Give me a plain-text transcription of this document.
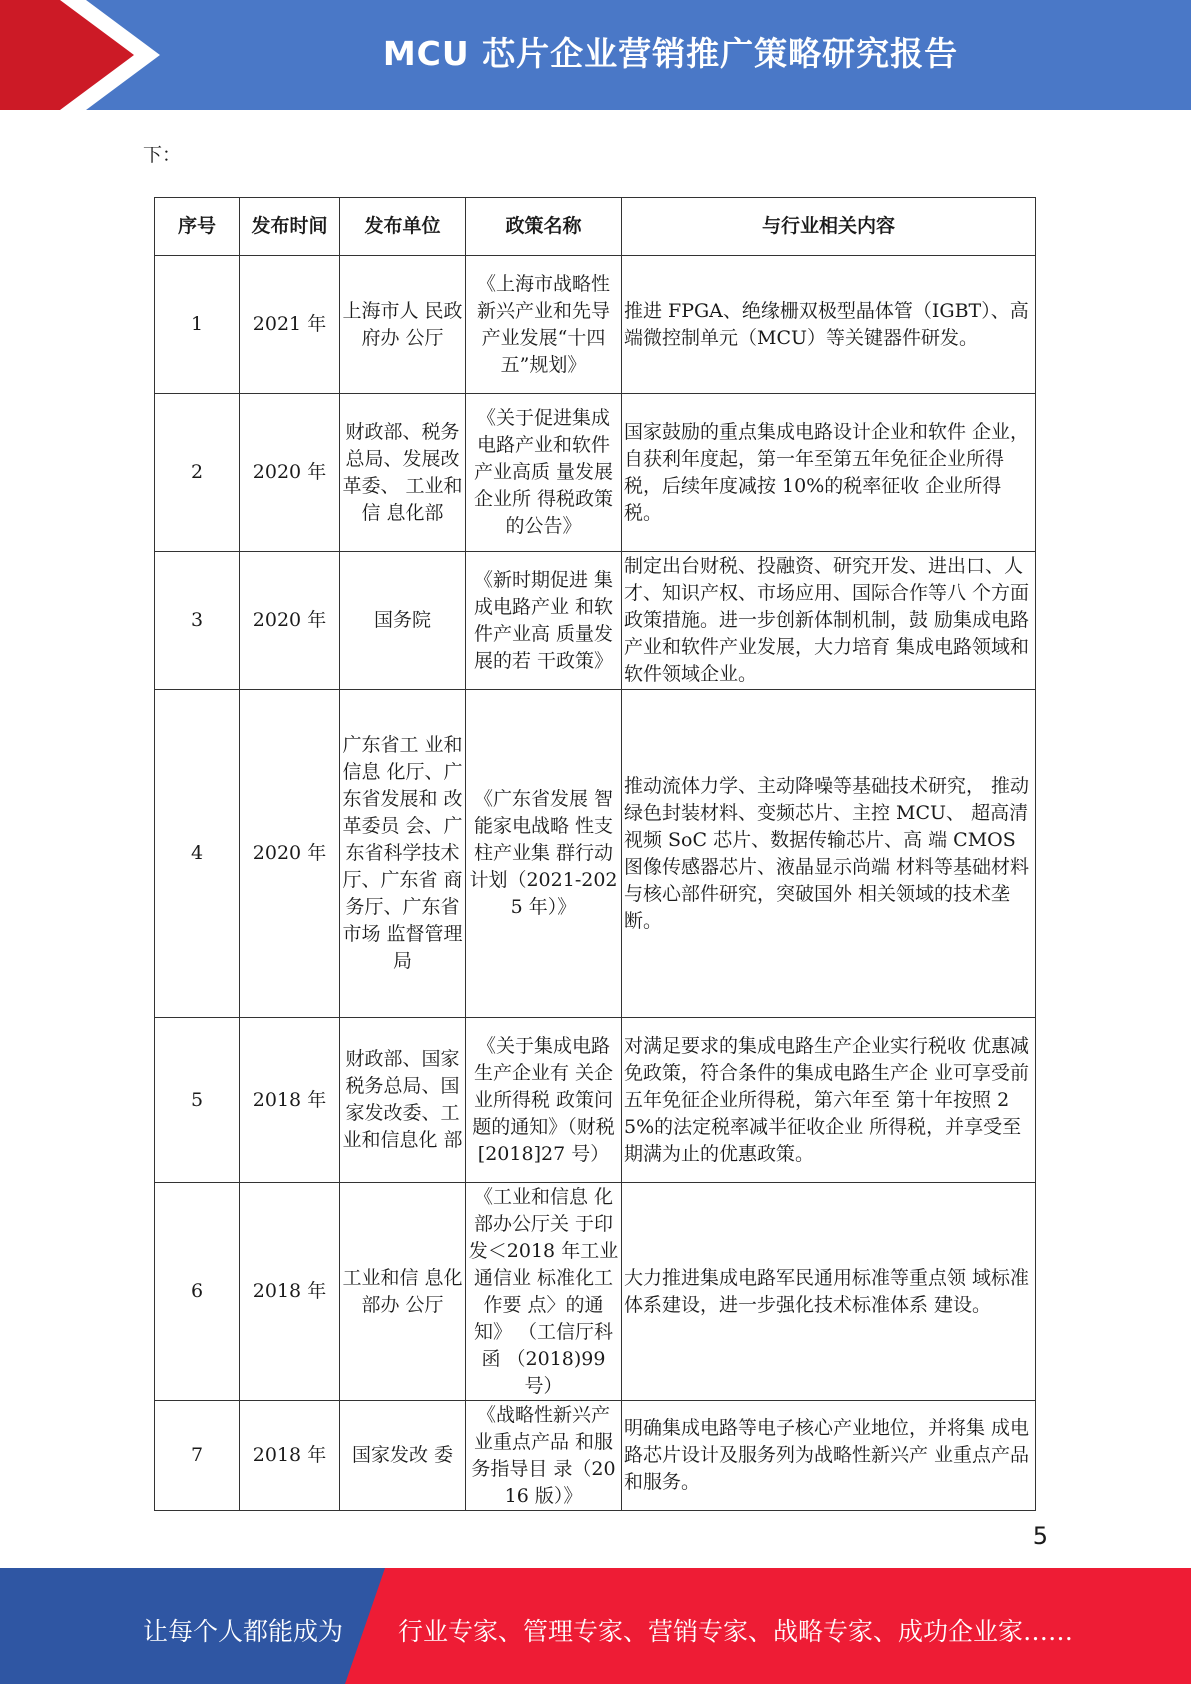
MCU 芯片企业营销推广策略研究报告
下：
序号	发布时间	发布单位	政策名称	与行业相关内容
1	2021 年	上海市人 民政府办 公厅	《上海市战略性新兴产业和先导产业发展“十四五”规划》	推进 FPGA、绝缘栅双极型晶体管（IGBT）、高端微控制单元（MCU）等关键器件研发。
2	2020 年	财政部、税务总局、发展改革委、 工业和信 息化部	《关于促进集成电路产业和软件产业高质 量发展企业所 得税政策的公告》	国家鼓励的重点集成电路设计企业和软件 企业，自获利年度起，第一年至第五年免征企业所得税，后续年度减按 10%的税率征收 企业所得税。
3	2020 年	国务院	《新时期促进 集成电路产业 和软件产业高 质量发展的若 干政策》	制定出台财税、投融资、研究开发、进出口、人才、知识产权、市场应用、国际合作等八 个方面政策措施。进一步创新体制机制，鼓 励集成电路产业和软件产业发展，大力培育 集成电路领域和软件领域企业。
4	2020 年	广东省工 业和信息 化厅、广东省发展和 改革委员 会、广东省科学技术 厅、广东省 商务厅、广东省市场 监督管理 局	《广东省发展 智能家电战略 性支柱产业集 群行动计划（2021-2025 年）》	推动流体力学、主动降噪等基础技术研究， 推动绿色封装材料、变频芯片、主控 MCU、 超高清视频 SoC 芯片、数据传输芯片、高 端 CMOS 图像传感器芯片、液晶显示尚端 材料等基础材料与核心部件研究，突破国外 相关领域的技术垄断。
5	2018 年	财政部、国家税务总局、国家发改委、工业和信息化 部	《关于集成电路生产企业有 关企业所得税 政策问题的通知》（财税[2018]27 号）	对满足要求的集成电路生产企业实行税收 优惠减免政策，符合条件的集成电路生产企 业可享受前五年免征企业所得税，第六年至 第十年按照 25%的法定税率减半征收企业 所得税，并享受至期满为止的优惠政策。
6	2018 年	工业和信 息化部办 公厅	《工业和信息 化部办公厅关 于印发＜2018 年工业通信业 标准化工作要 点〉的通知》 （工信厅科函 （2018)99 号）	大力推进集成电路军民通用标准等重点领 域标准体系建设，进一步强化技术标准体系 建设。
7	2018 年	国家发改 委	《战略性新兴产业重点产品 和服务指导目 录（2016 版）》	明确集成电路等电子核心产业地位，并将集 成电路芯片设计及服务列为战略性新兴产 业重点产品和服务。
5
让每个人都能成为 行业专家、管理专家、营销专家、战略专家、成功企业家……
